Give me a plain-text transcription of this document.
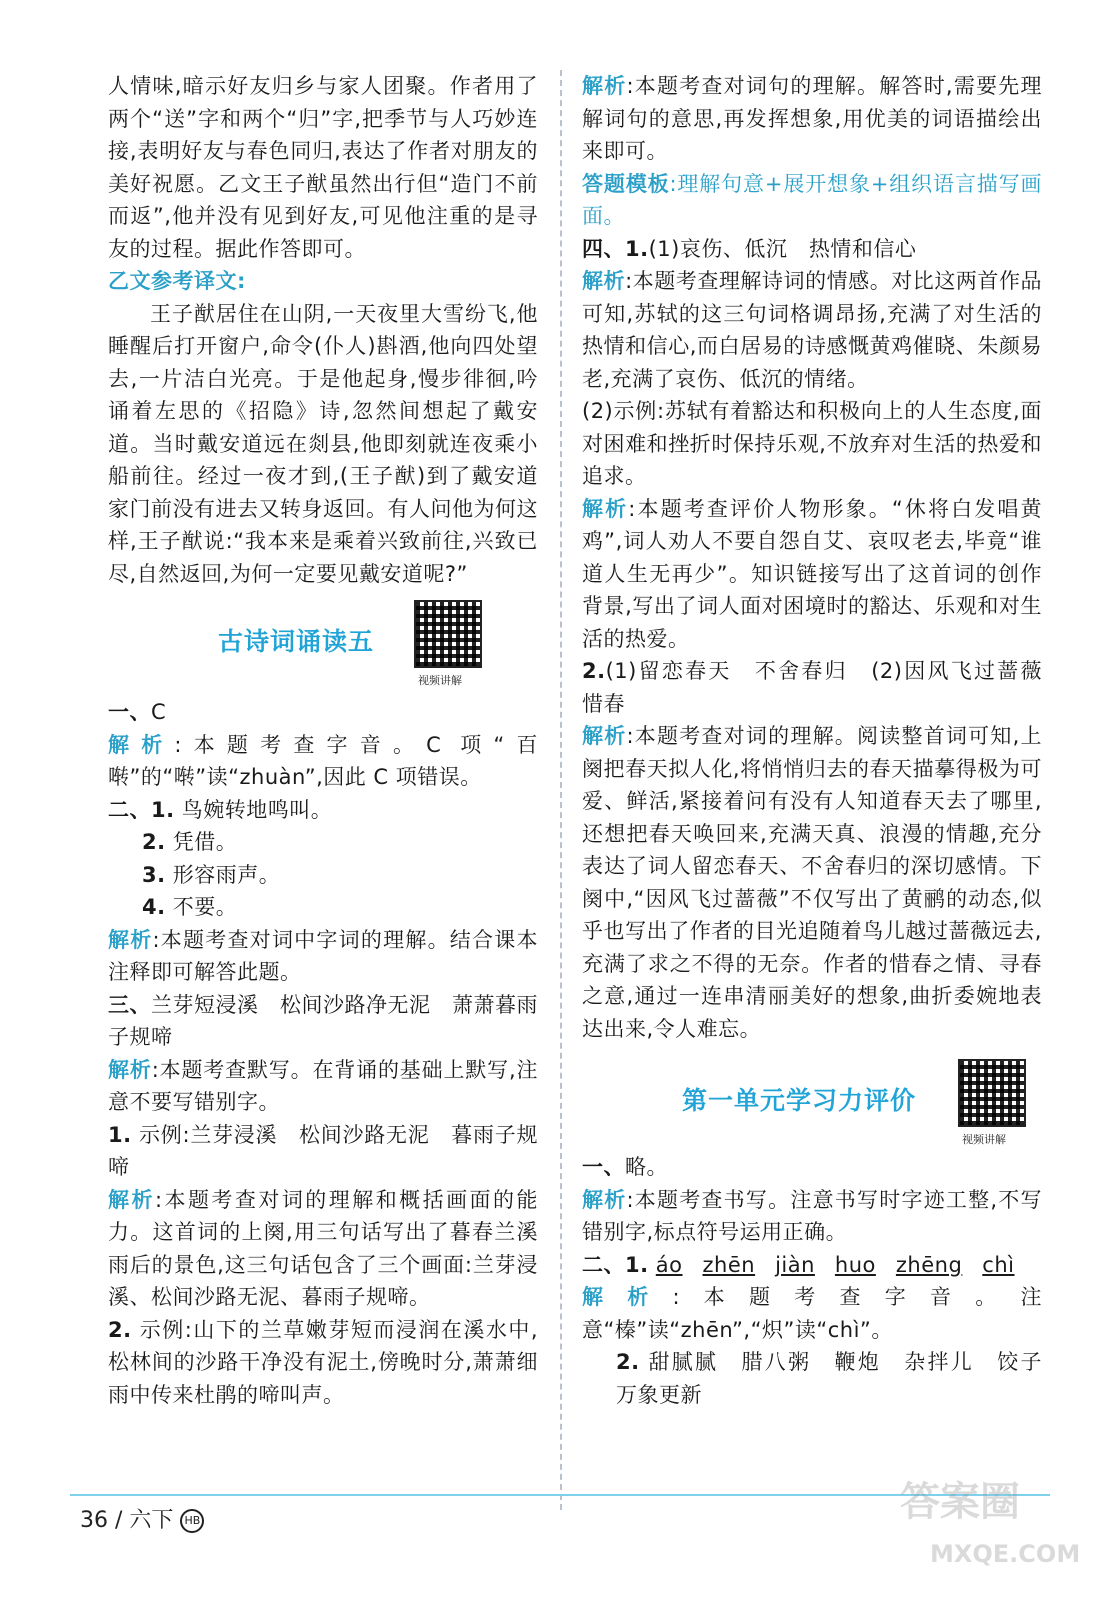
人情味,暗示好友归乡与家人团聚。作者用了两个“送”字和两个“归”字,把季节与人巧妙连接,表明好友与春色同归,表达了作者对朋友的美好祝愿。乙文王子猷虽然出行但“造门不前而返”,他并没有见到好友,可见他注重的是寻友的过程。据此作答即可。

乙文参考译文:

王子猷居住在山阴,一天夜里大雪纷飞,他睡醒后打开窗户,命令(仆人)斟酒,他向四处望去,一片洁白光亮。于是他起身,慢步徘徊,吟诵着左思的《招隐》诗,忽然间想起了戴安道。当时戴安道远在剡县,他即刻就连夜乘小船前往。经过一夜才到,(王子猷)到了戴安道家门前没有进去又转身返回。有人问他为何这样,王子猷说:“我本来是乘着兴致前往,兴致已尽,自然返回,为何一定要见戴安道呢?”

古诗词诵读五
视频讲解

一、C

解析:本题考查字音。C 项“百啭”的“啭”读“zhuàn”,因此 C 项错误。

二、1. 鸟婉转地鸣叫。

2. 凭借。

3. 形容雨声。

4. 不要。

解析:本题考查对词中字词的理解。结合课本注释即可解答此题。

三、兰芽短浸溪　松间沙路净无泥　萧萧暮雨子规啼

解析:本题考查默写。在背诵的基础上默写,注意不要写错别字。

1. 示例:兰芽浸溪　松间沙路无泥　暮雨子规啼

解析:本题考查对词的理解和概括画面的能力。这首词的上阕,用三句话写出了暮春兰溪雨后的景色,这三句话包含了三个画面:兰芽浸溪、松间沙路无泥、暮雨子规啼。

2. 示例:山下的兰草嫩芽短而浸润在溪水中,松林间的沙路干净没有泥土,傍晚时分,萧萧细雨中传来杜鹃的啼叫声。

解析:本题考查对词句的理解。解答时,需要先理解词句的意思,再发挥想象,用优美的词语描绘出来即可。

答题模板:理解句意+展开想象+组织语言描写画面。

四、1.(1)哀伤、低沉　热情和信心

解析:本题考查理解诗词的情感。对比这两首作品可知,苏轼的这三句词格调昂扬,充满了对生活的热情和信心,而白居易的诗感慨黄鸡催晓、朱颜易老,充满了哀伤、低沉的情绪。

(2)示例:苏轼有着豁达和积极向上的人生态度,面对困难和挫折时保持乐观,不放弃对生活的热爱和追求。

解析:本题考查评价人物形象。“休将白发唱黄鸡”,词人劝人不要自怨自艾、哀叹老去,毕竟“谁道人生无再少”。知识链接写出了这首词的创作背景,写出了词人面对困境时的豁达、乐观和对生活的热爱。

2.(1)留恋春天　不舍春归　(2)因风飞过蔷薇　惜春

解析:本题考查对词的理解。阅读整首词可知,上阕把春天拟人化,将悄悄归去的春天描摹得极为可爱、鲜活,紧接着问有没有人知道春天去了哪里,还想把春天唤回来,充满天真、浪漫的情趣,充分表达了词人留恋春天、不舍春归的深切感情。下阕中,“因风飞过蔷薇”不仅写出了黄鹂的动态,似乎也写出了作者的目光追随着鸟儿越过蔷薇远去,充满了求之不得的无奈。作者的惜春之情、寻春之意,通过一连串清丽美好的想象,曲折委婉地表达出来,令人难忘。

第一单元学习力评价
视频讲解

一、略。

解析:本题考查书写。注意书写时字迹工整,不写错别字,标点符号运用正确。

二、1. áo zhēn jiàn huo zhēng chì

解析:本题考查字音。注意“榛”读“zhēn”,“炽”读“chì”。

2. 甜腻腻　腊八粥　鞭炮　杂拌儿　饺子　万象更新

36 / 六下 HB	答案圈
MXQE.COM
